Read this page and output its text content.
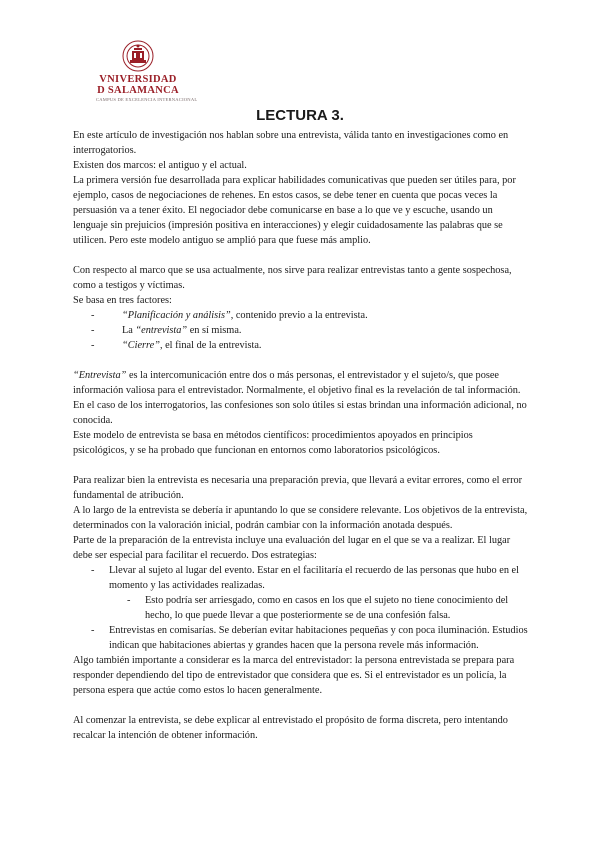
VNIVERSIDAD
D SALAMANCA
CAMPUS DE EXCELENCIA INTERNACIONAL
LECTURA 3.

En este artículo de investigación nos hablan sobre una entrevista, válida tanto en investigaciones como en interrogatorios.

Existen dos marcos: el antiguo y el actual.

La primera versión fue desarrollada para explicar habilidades comunicativas que pueden ser útiles para, por ejemplo, casos de negociaciones de rehenes. En estos casos, se debe tener en cuenta que pocas veces la persuasión va a tener éxito. El negociador debe comunicarse en base a lo que ve y escuche, usando un lenguaje sin prejuicios (impresión positiva en interacciones) y elegir cuidadosamente las palabras que se utilicen. Pero este modelo antiguo se amplió para que fuese más amplio.

Con respecto al marco que se usa actualmente, nos sirve para realizar entrevistas tanto a gente sospechosa, como a testigos y víctimas.

Se basa en tres factores:

-	“Planificación y análisis”, contenido previo a la entrevista.
-	La “entrevista” en sí misma.
-	“Cierre”, el final de la entrevista.

“Entrevista” es la intercomunicación entre dos o más personas, el entrevistador y el sujeto/s, que posee información valiosa para el entrevistador. Normalmente, el objetivo final es la revelación de tal información. En el caso de los interrogatorios, las confesiones son solo útiles si estas brindan una información adicional, no conocida.

Este modelo de entrevista se basa en métodos científicos: procedimientos apoyados en principios psicológicos, y se ha probado que funcionan en entornos como laboratorios psicológicos.

Para realizar bien la entrevista es necesaria una preparación previa, que llevará a evitar errores, como el error fundamental de atribución.

A lo largo de la entrevista se debería ir apuntando lo que se considere relevante. Los objetivos de la entrevista, determinados con la valoración inicial, podrán cambiar con la información anotada después.

Parte de la preparación de la entrevista incluye una evaluación del lugar en el que se va a realizar. El lugar debe ser especial para facilitar el recuerdo. Dos estrategias:

- Llevar al sujeto al lugar del evento. Estar en el facilitaría el recuerdo de las personas que hubo en el momento y las actividades realizadas.
- Esto podría ser arriesgado, como en casos en los que el sujeto no tiene conocimiento del hecho, lo que puede llevar a que posteriormente se de una confesión falsa.
- Entrevistas en comisarías. Se deberían evitar habitaciones pequeñas y con poca iluminación. Estudios indican que habitaciones abiertas y grandes hacen que la persona revele más información.

Algo también importante a considerar es la marca del entrevistador: la persona entrevistada se prepara para responder dependiendo del tipo de entrevistador que considera que es. Si el entrevistador es un policía, la persona espera que actúe como estos lo hacen generalmente.

Al comenzar la entrevista, se debe explicar al entrevistado el propósito de forma discreta, pero intentando recalcar la intención de obtener información.
